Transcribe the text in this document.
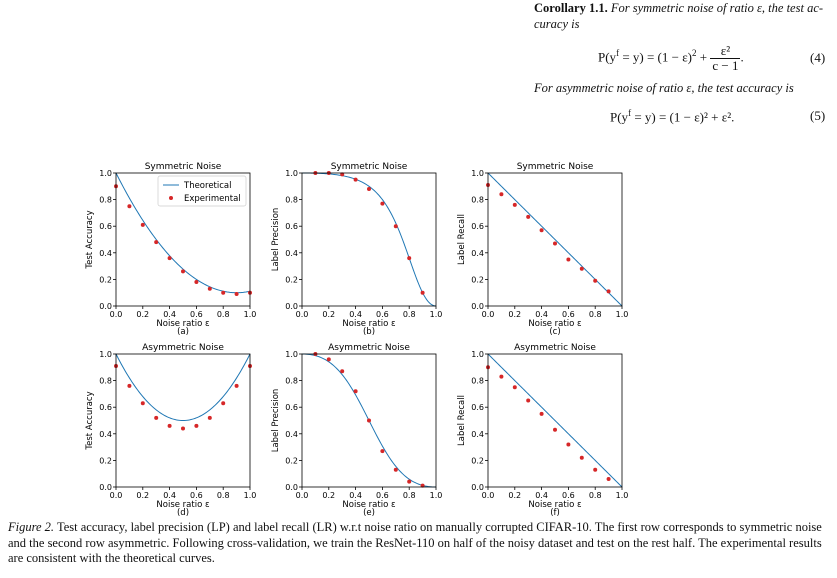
Corollary 1.1. For symmetric noise of ratio ε, the test ac-
curacy is
$P(y^f = y) = (1 - \varepsilon)^2 + \frac{\text{ε²}}{c - 1}$ .	(4)
For asymmetric noise of ratio ε, the test accuracy is
$P(y^f = y) = (1 - \varepsilon)^2 + \varepsilon^2$.	(5)
Symmetric Noise
0.0
0.0
0.2
0.2
0.4
0.4
0.6
0.6
0.8
0.8
1.0
1.0
Noise ratio ε
(a)
Test Accuracy
Theoretical
Experimental
Symmetric Noise
0.0
0.0
0.2
0.2
0.4
0.4
0.6
0.6
0.8
0.8
1.0
1.0
Noise ratio ε
(b)
Label Precision
Symmetric Noise
0.0
0.0
0.2
0.2
0.4
0.4
0.6
0.6
0.8
0.8
1.0
1.0
Noise ratio ε
(c)
Label Recall
Asymmetric Noise
0.0
0.0
0.2
0.2
0.4
0.4
0.6
0.6
0.8
0.8
1.0
1.0
Noise ratio ε
(d)
Test Accuracy
Asymmetric Noise
0.0
0.0
0.2
0.2
0.4
0.4
0.6
0.6
0.8
0.8
1.0
1.0
Noise ratio ε
(e)
Label Precision
Asymmetric Noise
0.0
0.0
0.2
0.2
0.4
0.4
0.6
0.6
0.8
0.8
1.0
1.0
Noise ratio ε
(f)
Label Recall
Figure 2. Test accuracy, label precision (LP) and label recall (LR) w.r.t noise ratio on manually corrupted CIFAR-10. The first row corresponds to symmetric noise and the second row asymmetric. Following cross-validation, we train the ResNet-110 on half of the noisy dataset and test on the rest half. The experimental results are consistent with the theoretical curves.
